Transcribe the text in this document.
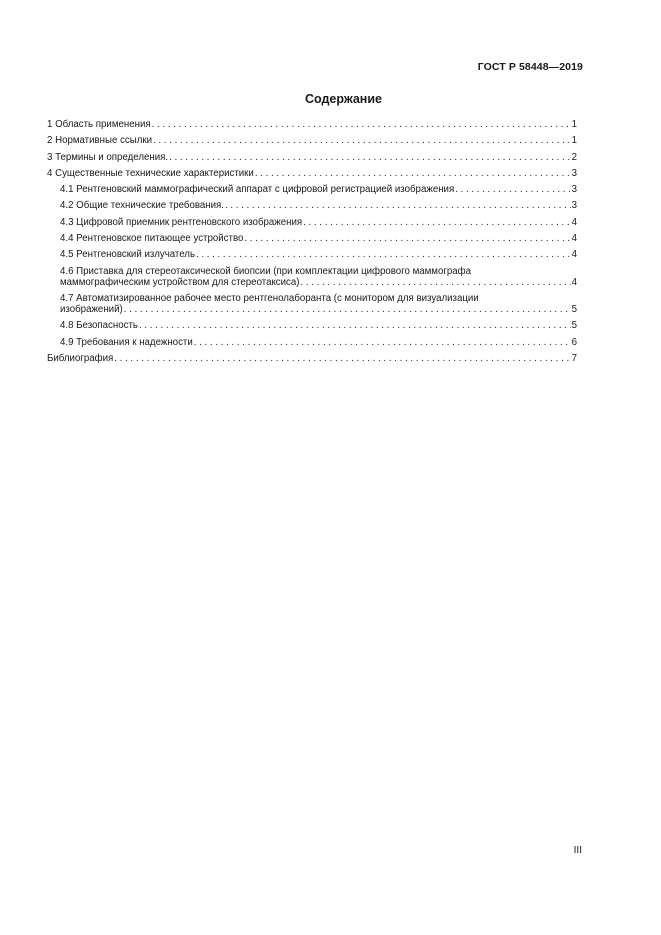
ГОСТ Р 58448—2019
Содержание
1 Область применения . . .	1
2 Нормативные ссылки . . .	1
3 Термины и определения. . . .	2
4 Существенные технические характеристики . . .	3
4.1 Рентгеновский маммографический аппарат с цифровой регистрацией изображения . . .	3
4.2 Общие технические требования. . . .	3
4.3 Цифровой приемник рентгеновского изображения . . .	4
4.4 Рентгеновское питающее устройство . . .	4
4.5 Рентгеновский излучатель . . .	4
4.6 Приставка для стереотаксической биопсии (при комплектации цифрового маммографа
маммографическим устройством для стереотаксиса) . . .	4
4.7 Автоматизированное рабочее место рентгенолаборанта (с монитором для визуализации
изображений) . . .	5
4.8 Безопасность . . .	5
4.9 Требования к надежности . . .	6
Библиография . . .	7
III
